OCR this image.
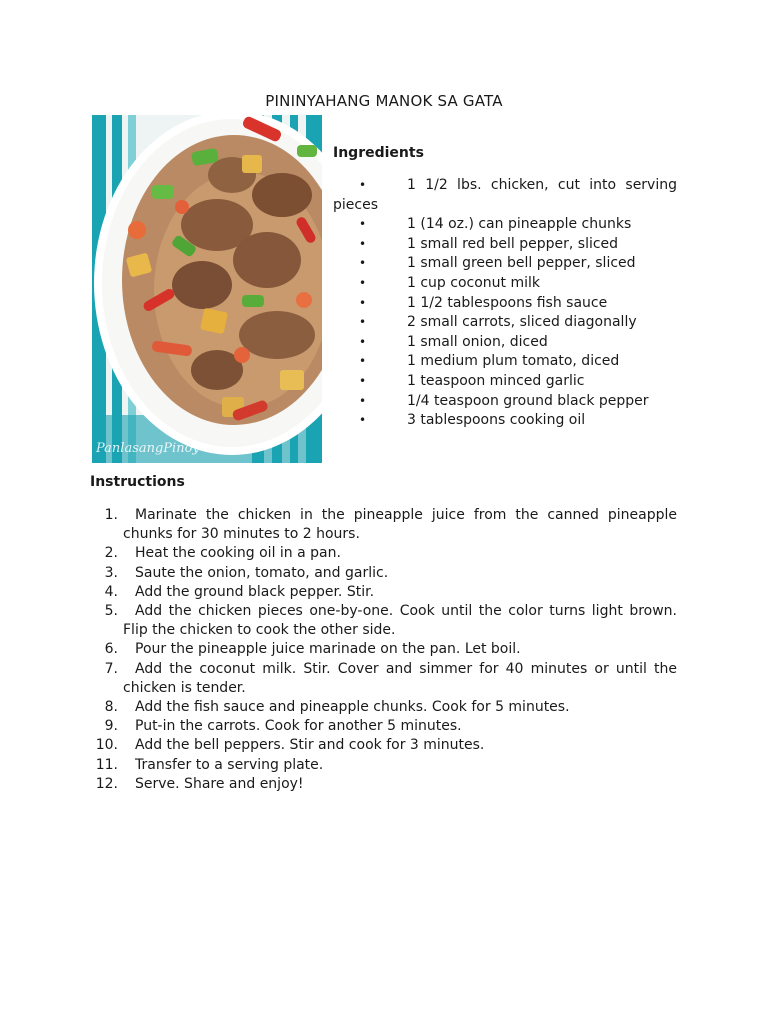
PININYAHANG MANOK SA GATA
PanlasangPinoy
Ingredients
•	1 1/2 lbs. chicken, cut into serving pieces
•	1 (14 oz.) can pineapple chunks
•	1 small red bell pepper, sliced
•	1 small green bell pepper, sliced
•	1 cup coconut milk
•	1 1/2 tablespoons fish sauce
•	2 small carrots, sliced diagonally
•	1 small onion, diced
•	1 medium plum tomato, diced
•	1 teaspoon minced garlic
•	1/4 teaspoon ground black pepper
•	3 tablespoons cooking oil
Instructions
1.	Marinate the chicken in the pineapple juice from the canned pineapple chunks for 30 minutes to 2 hours.
2.	Heat the cooking oil in a pan.
3.	Saute the onion, tomato, and garlic.
4.	Add the ground black pepper. Stir.
5.	Add the chicken pieces one-by-one. Cook until the color turns light brown. Flip the chicken to cook the other side.
6.	Pour the pineapple juice marinade on the pan. Let boil.
7.	Add the coconut milk. Stir. Cover and simmer for 40 minutes or until the chicken is tender.
8.	Add the fish sauce and pineapple chunks. Cook for 5 minutes.
9.	Put-in the carrots. Cook for another 5 minutes.
10.	Add the bell peppers. Stir and cook for 3 minutes.
11.	Transfer to a serving plate.
12.	Serve. Share and enjoy!
